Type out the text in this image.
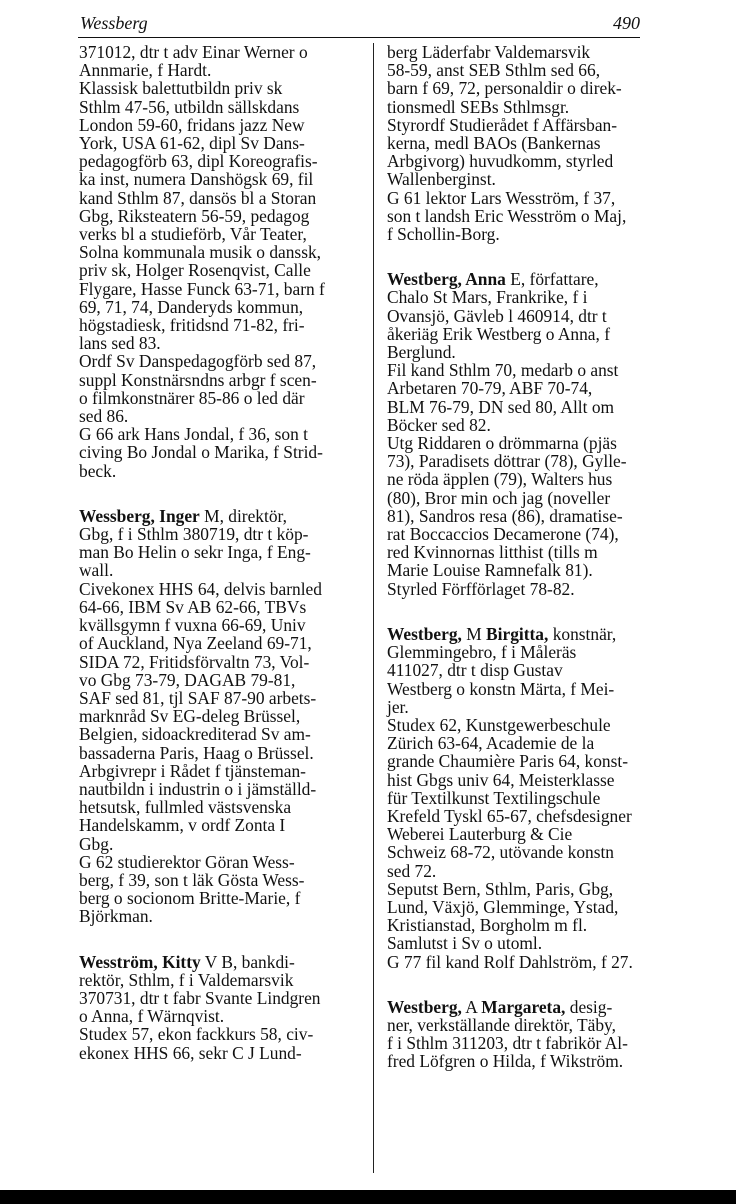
Wessberg	490
371012, dtr t adv Einar Werner o
Annmarie, f Hardt.
Klassisk balettutbildn priv sk
Sthlm 47-56, utbildn sällskdans
London 59-60, fridans jazz New
York, USA 61-62, dipl Sv Dans-
pedagogförb 63, dipl Koreografis-
ka inst, numera Danshögsk 69, fil
kand Sthlm 87, dansös bl a Storan
Gbg, Riksteatern 56-59, pedagog
verks bl a studieförb, Vår Teater,
Solna kommunala musik o danssk,
priv sk, Holger Rosenqvist, Calle
Flygare, Hasse Funck 63-71, barn f
69, 71, 74, Danderyds kommun,
högstadiesk, fritidsnd 71-82, fri-
lans sed 83.
Ordf Sv Danspedagogförb sed 87,
suppl Konstnärsndns arbgr f scen-
o filmkonstnärer 85-86 o led där
sed 86.
G 66 ark Hans Jondal, f 36, son t
civing Bo Jondal o Marika, f Strid-
beck.
Wessberg, Inger M, direktör,
Gbg, f i Sthlm 380719, dtr t köp-
man Bo Helin o sekr Inga, f Eng-
wall.
Civekonex HHS 64, delvis barnled
64-66, IBM Sv AB 62-66, TBVs
kvällsgymn f vuxna 66-69, Univ
of Auckland, Nya Zeeland 69-71,
SIDA 72, Fritidsförvaltn 73, Vol-
vo Gbg 73-79, DAGAB 79-81,
SAF sed 81, tjl SAF 87-90 arbets-
marknråd Sv EG-deleg Brüssel,
Belgien, sidoackrediterad Sv am-
bassaderna Paris, Haag o Brüssel.
Arbgivrepr i Rådet f tjänsteman-
nautbildn i industrin o i jämställd-
hetsutsk, fullmled västsvenska
Handelskamm, v ordf Zonta I
Gbg.
G 62 studierektor Göran Wess-
berg, f 39, son t läk Gösta Wess-
berg o socionom Britte-Marie, f
Björkman.
Wesström, Kitty V B, bankdi-
rektör, Sthlm, f i Valdemarsvik
370731, dtr t fabr Svante Lindgren
o Anna, f Wärnqvist.
Studex 57, ekon fackkurs 58, civ-
ekonex HHS 66, sekr C J Lund-
berg Läderfabr Valdemarsvik
58-59, anst SEB Sthlm sed 66,
barn f 69, 72, personaldir o direk-
tionsmedl SEBs Sthlmsgr.
Styrordf Studierådet f Affärsban-
kerna, medl BAOs (Bankernas
Arbgivorg) huvudkomm, styrled
Wallenberginst.
G 61 lektor Lars Wesström, f 37,
son t landsh Eric Wesström o Maj,
f Schollin-Borg.
Westberg, Anna E, författare,
Chalo St Mars, Frankrike, f i
Ovansjö, Gävleb l 460914, dtr t
åkeriäg Erik Westberg o Anna, f
Berglund.
Fil kand Sthlm 70, medarb o anst
Arbetaren 70-79, ABF 70-74,
BLM 76-79, DN sed 80, Allt om
Böcker sed 82.
Utg Riddaren o drömmarna (pjäs
73), Paradisets döttrar (78), Gylle-
ne röda äpplen (79), Walters hus
(80), Bror min och jag (noveller
81), Sandros resa (86), dramatise-
rat Boccaccios Decamerone (74),
red Kvinnornas litthist (tills m
Marie Louise Ramnefalk 81).
Styrled Förfförlaget 78-82.
Westberg, M Birgitta, konstnär,
Glemmingebro, f i Måleräs
411027, dtr t disp Gustav
Westberg o konstn Märta, f Mei-
jer.
Studex 62, Kunstgewerbeschule
Zürich 63-64, Academie de la
grande Chaumière Paris 64, konst-
hist Gbgs univ 64, Meisterklasse
für Textilkunst Textilingschule
Krefeld Tyskl 65-67, chefsdesigner
Weberei Lauterburg & Cie
Schweiz 68-72, utövande konstn
sed 72.
Seputst Bern, Sthlm, Paris, Gbg,
Lund, Växjö, Glemminge, Ystad,
Kristianstad, Borgholm m fl.
Samlutst i Sv o utoml.
G 77 fil kand Rolf Dahlström, f 27.
Westberg, A Margareta, desig-
ner, verkställande direktör, Täby,
f i Sthlm 311203, dtr t fabrikör Al-
fred Löfgren o Hilda, f Wikström.
